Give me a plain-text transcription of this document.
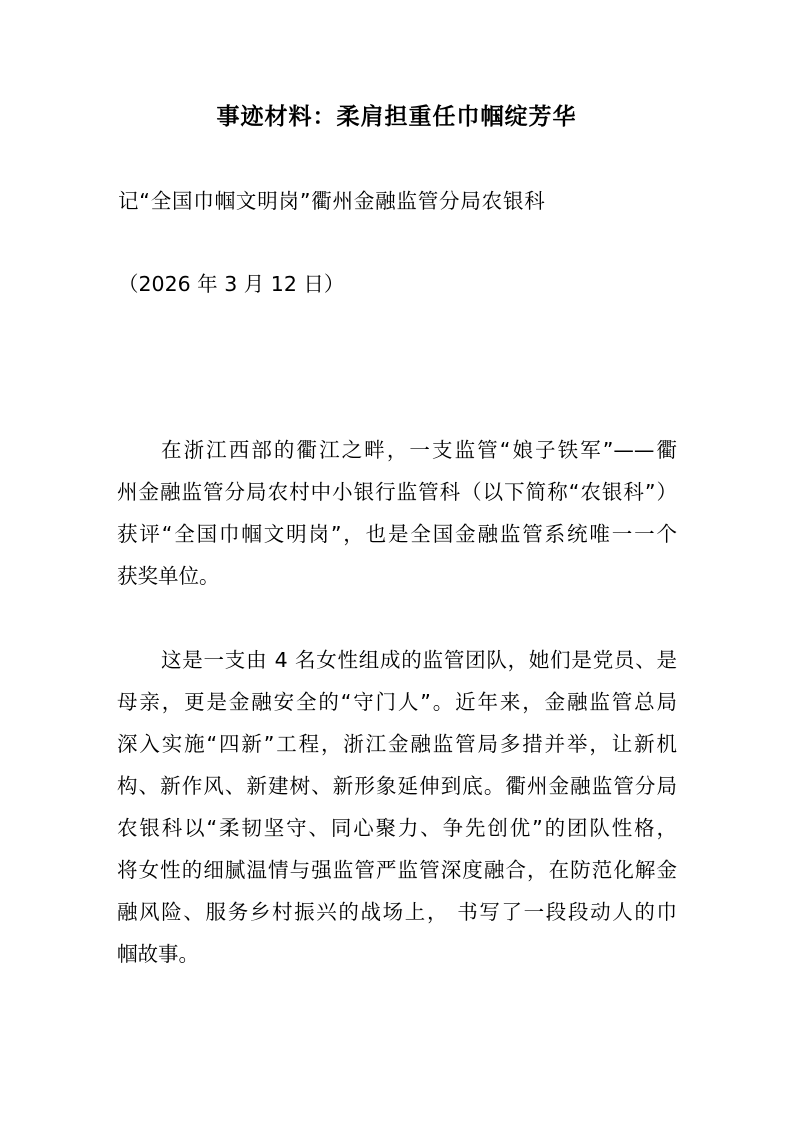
事迹材料：柔肩担重任巾帼绽芳华
记“全国巾帼文明岗”衢州金融监管分局农银科
（2026 年 3 月 12 日）
在浙江西部的衢江之畔，一支监管“娘子铁军”——衢
州金融监管分局农村中小银行监管科（以下简称“农银科”）
获评“全国巾帼文明岗”，也是全国金融监管系统唯一一个
获奖单位。
这是一支由 4 名女性组成的监管团队，她们是党员、是
母亲，更是金融安全的“守门人”。近年来，金融监管总局
深入实施“四新”工程，浙江金融监管局多措并举，让新机
构、新作风、新建树、新形象延伸到底。衢州金融监管分局
农银科以“柔韧坚守、同心聚力、争先创优”的团队性格，
将女性的细腻温情与强监管严监管深度融合，在防范化解金
融风险、服务乡村振兴的战场上， 书写了一段段动人的巾
帼故事。
